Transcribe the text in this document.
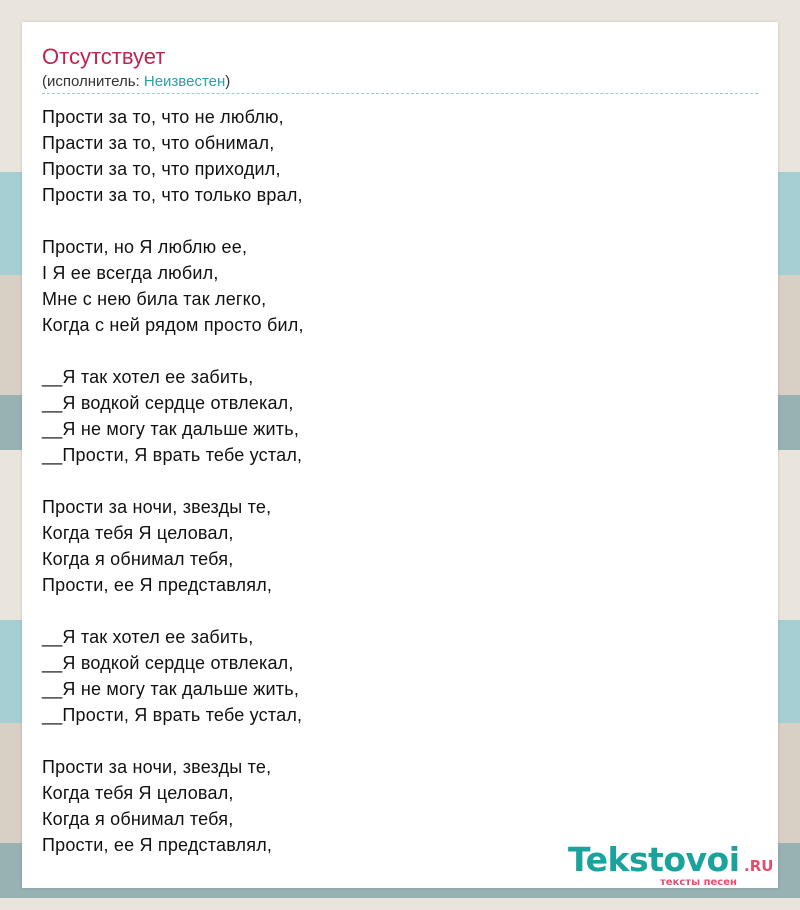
Отсутствует
(исполнитель: Неизвестен)
Прости за то, что не люблю,
Прасти за то, что обнимал,
Прости за то, что приходил,
Прости за то, что только врал,
Прости, но Я люблю ее,
І Я ее всегда любил,
Мне с нею била так легко,
Когда с ней рядом просто бил,
__Я так хотел ее забить,
__Я водкой сердце отвлекал,
__Я не могу так дальше жить,
__Прости, Я врать тебе устал,
Прости за ночи, звезды те,
Когда тебя Я целовал,
Когда я обнимал тебя,
Прости, ее Я представлял,
__Я так хотел ее забить,
__Я водкой сердце отвлекал,
__Я не могу так дальше жить,
__Прости, Я врать тебе устал,
Прости за ночи, звезды те,
Когда тебя Я целовал,
Когда я обнимал тебя,
Прости, ее Я представлял,	Tekstovoi .RU
тексты песен
